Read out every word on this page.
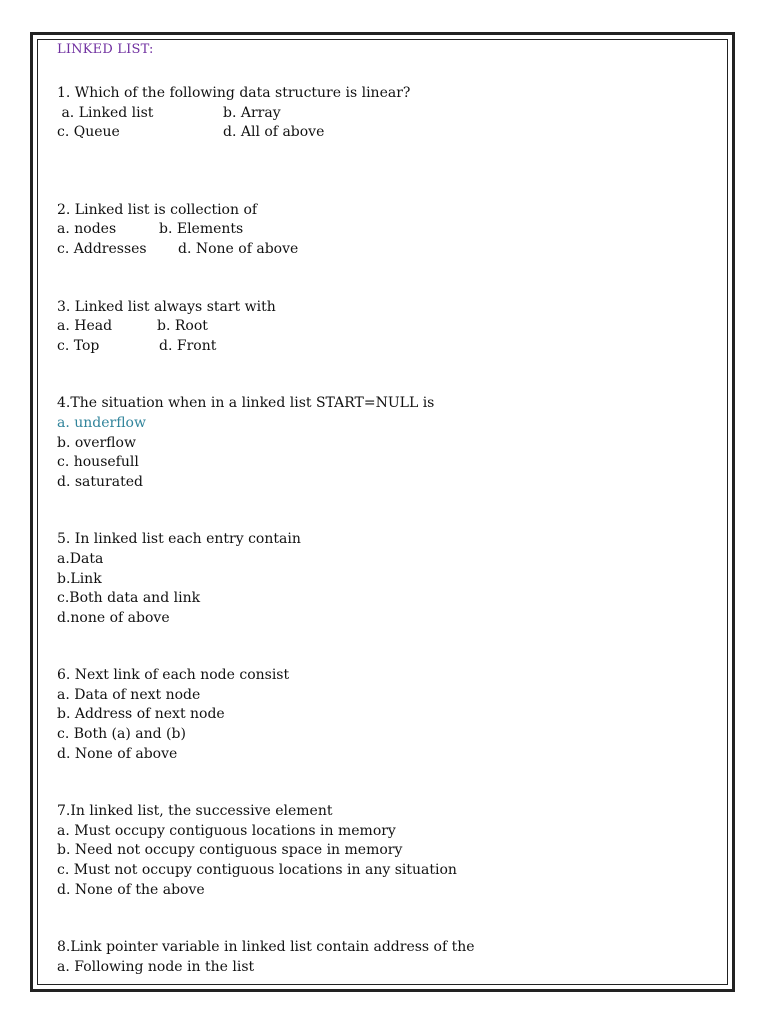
LINKED LIST:
1. Which of the following data structure is linear?
a. Linked list	b. Array
c. Queue	d. All of above
2. Linked list is collection of
a. nodes	b. Elements
c. Addresses	d. None of above
3. Linked list always start with
a. Head	b. Root
c. Top	d. Front
4.The situation when in a linked list START=NULL is
a. underflow
b. overflow
c. housefull
d. saturated
5. In linked list each entry contain
a.Data
b.Link
c.Both data and link
d.none of above
6. Next link of each node consist
a. Data of next node
b. Address of next node
c. Both (a) and (b)
d. None of above
7.In linked list, the successive element
a. Must occupy contiguous locations in memory
b. Need not occupy contiguous space in memory
c. Must not occupy contiguous locations in any situation
d. None of the above
8.Link pointer variable in linked list contain address of the
a. Following node in the list
